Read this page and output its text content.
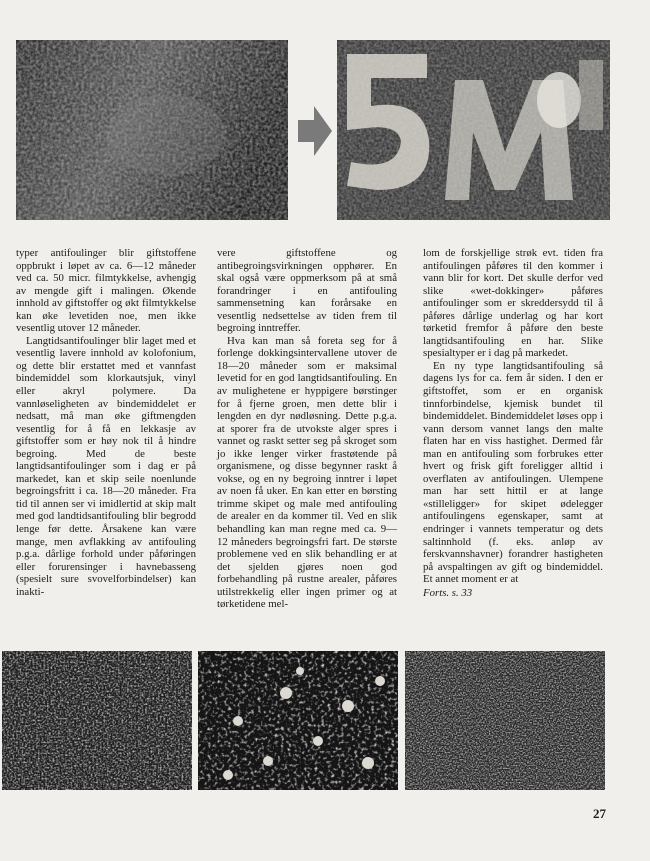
typer antifoulinger blir giftstoffene oppbrukt i løpet av ca. 6—12 måneder ved ca. 50 micr. filmtykkelse, avhengig av mengde gift i malingen. Økende innhold av giftstoffer og økt filmtykkelse kan øke levetiden noe, men ikke vesentlig utover 12 måneder.

Langtidsantifoulinger blir laget med et vesentlig lavere innhold av kolofonium, og dette blir erstattet med et vannfast bindemiddel som klorkautsjuk, vinyl eller akryl polymere. Da vannløseligheten av bindemiddelet er nedsatt, må man øke giftmengden vesentlig for å få en lekkasje av giftstoffer som er høy nok til å hindre begroing. Med de beste langtidsantifoulinger som i dag er på markedet, kan et skip seile noenlunde begroingsfritt i ca. 18—20 måneder. Fra tid til annen ser vi imidlertid at skip malt med god landtidsantifouling blir begrodd lenge før dette. Årsakene kan være mange, men avflakking av antifouling p.g.a. dårlige forhold under påføringen eller forurensinger i havnebasseng (spesielt sure svovelforbindelser) kan inakti-

vere giftstoffene og antibegroingsvirkningen opphører. En skal også være oppmerksom på at små forandringer i en antifouling sammensetning kan forårsake en vesentlig nedsettelse av tiden frem til begroing inntreffer.

Hva kan man så foreta seg for å forlenge dokkingsintervallene utover de 18—20 måneder som er maksimal levetid for en god langtidsantifouling. En av mulighetene er hyppigere børstinger for å fjerne groen, men dette blir i lengden en dyr nødløsning. Dette p.g.a. at sporer fra de utvokste alger spres i vannet og raskt setter seg på skroget som jo ikke lenger virker frastøtende på organismene, og disse begynner raskt å vokse, og en ny begroing inntrer i løpet av noen få uker. En kan etter en børsting trimme skipet og male med antifouling de arealer en da kommer til. Ved en slik behandling kan man regne med ca. 9—12 måneders begroingsfri fart. De største problemene ved en slik behandling er at det sjelden gjøres noen god forbehandling på rustne arealer, påføres utilstrekkelig eller ingen primer og at tørketidene mel-

lom de forskjellige strøk evt. tiden fra antifoulingen påføres til den kommer i vann blir for kort. Det skulle derfor ved slike «wet-dokkinger» påføres antifoulinger som er skreddersydd til å påføres dårlige underlag og har kort tørketid fremfor å påføre den beste langtidsantifouling en har. Slike spesialtyper er i dag på markedet.

En ny type langtidsantifouling så dagens lys for ca. fem år siden. I den er giftstoffet, som er en organisk tinnforbindelse, kjemisk bundet til bindemiddelet. Bindemiddelet løses opp i vann dersom vannet langs den malte flaten har en viss hastighet. Dermed får man en antifouling som forbrukes etter hvert og frisk gift foreligger alltid i overflaten av antifoulingen. Ulempene man har sett hittil er at lange «stilleligger» for skipet ødelegger antifoulingens egenskaper, samt at endringer i vannets temperatur og dets saltinnhold (f. eks. anløp av ferskvannshavner) forandrer hastigheten på avspaltingen av gift og bindemiddel. Et annet moment er at

Forts. s. 33
27
